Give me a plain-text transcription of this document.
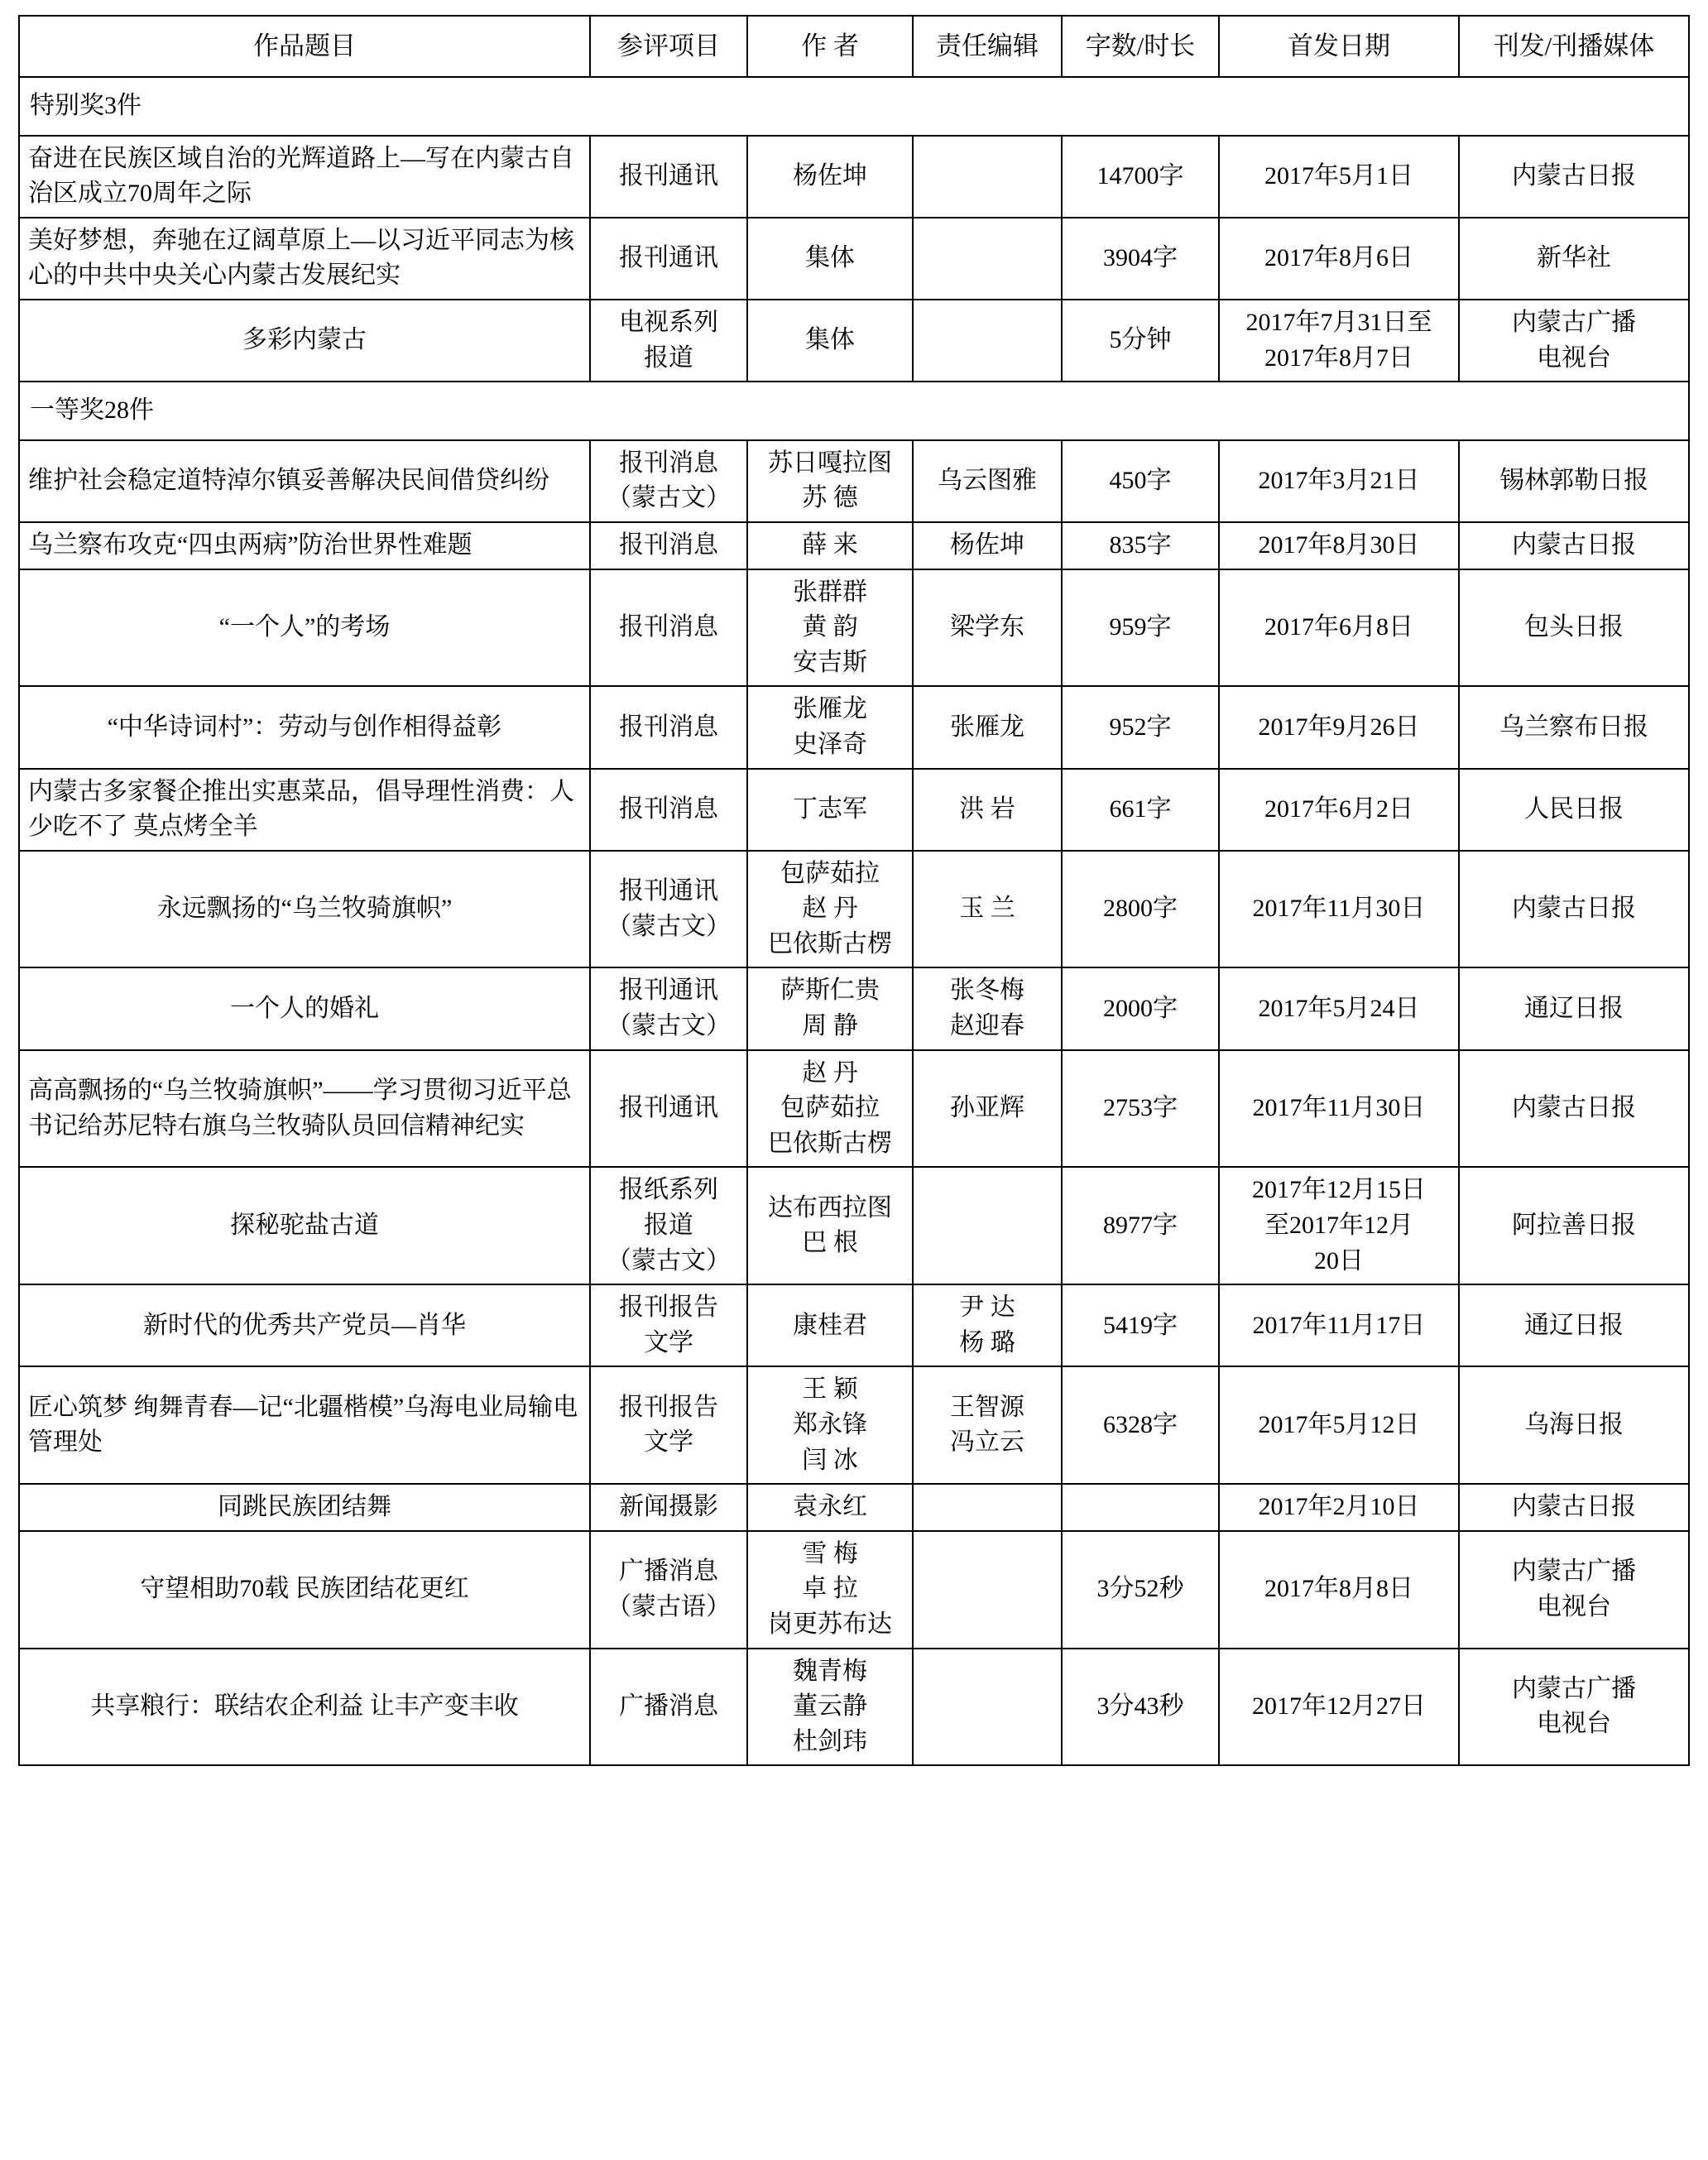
作品题目	参评项目	作 者	责任编辑	字数/时长	首发日期	刊发/刊播媒体
特别奖3件						

奋进在民族区域自治的光辉道路上—写在内蒙古自治区成立70周年之际	报刊通讯	杨佐坤		14700字	2017年5月1日	内蒙古日报

美好梦想，奔驰在辽阔草原上—以习近平同志为核心的中共中央关心内蒙古发展纪实	报刊通讯	集体		3904字	2017年8月6日	新华社

多彩内蒙古	电视系列
报道	集体		5分钟	2017年7月31日至
2017年8月7日	内蒙古广播
电视台

一等奖28件						

维护社会稳定道特淖尔镇妥善解决民间借贷纠纷	报刊消息
（蒙古文）	苏日嘎拉图
苏 德	乌云图雅	450字	2017年3月21日	锡林郭勒日报

乌兰察布攻克“四虫两病”防治世界性难题	报刊消息	薛 来	杨佐坤	835字	2017年8月30日	内蒙古日报

“一个人”的考场	报刊消息	张群群
黄 韵
安吉斯	梁学东	959字	2017年6月8日	包头日报

“中华诗词村”：劳动与创作相得益彰	报刊消息	张雁龙
史泽奇	张雁龙	952字	2017年9月26日	乌兰察布日报

内蒙古多家餐企推出实惠菜品，倡导理性消费：人少吃不了 莫点烤全羊	报刊消息	丁志军	洪 岩	661字	2017年6月2日	人民日报

永远飘扬的“乌兰牧骑旗帜”	报刊通讯
（蒙古文）	包萨茹拉
赵 丹
巴依斯古楞	玉 兰	2800字	2017年11月30日	内蒙古日报

一个人的婚礼	报刊通讯
（蒙古文）	萨斯仁贵
周 静	张冬梅
赵迎春	2000字	2017年5月24日	通辽日报

高高飘扬的“乌兰牧骑旗帜”——学习贯彻习近平总书记给苏尼特右旗乌兰牧骑队员回信精神纪实	报刊通讯	赵 丹
包萨茹拉
巴依斯古楞	孙亚辉	2753字	2017年11月30日	内蒙古日报

探秘驼盐古道	报纸系列
报道
（蒙古文）	达布西拉图
巴 根		8977字	2017年12月15日
至2017年12月
20日	阿拉善日报

新时代的优秀共产党员—肖华	报刊报告
文学	康桂君	尹 达
杨 璐	5419字	2017年11月17日	通辽日报

匠心筑梦 绚舞青春—记“北疆楷模”乌海电业局输电管理处	报刊报告
文学	王 颖
郑永锋
闫 冰	王智源
冯立云	6328字	2017年5月12日	乌海日报

同跳民族团结舞	新闻摄影	袁永红			2017年2月10日	内蒙古日报

守望相助70载 民族团结花更红	广播消息
（蒙古语）	雪 梅
卓 拉
岗更苏布达		3分52秒	2017年8月8日	内蒙古广播
电视台

共享粮行：联结农企利益 让丰产变丰收	广播消息	魏青梅
董云静
杜剑玮		3分43秒	2017年12月27日	内蒙古广播
电视台
